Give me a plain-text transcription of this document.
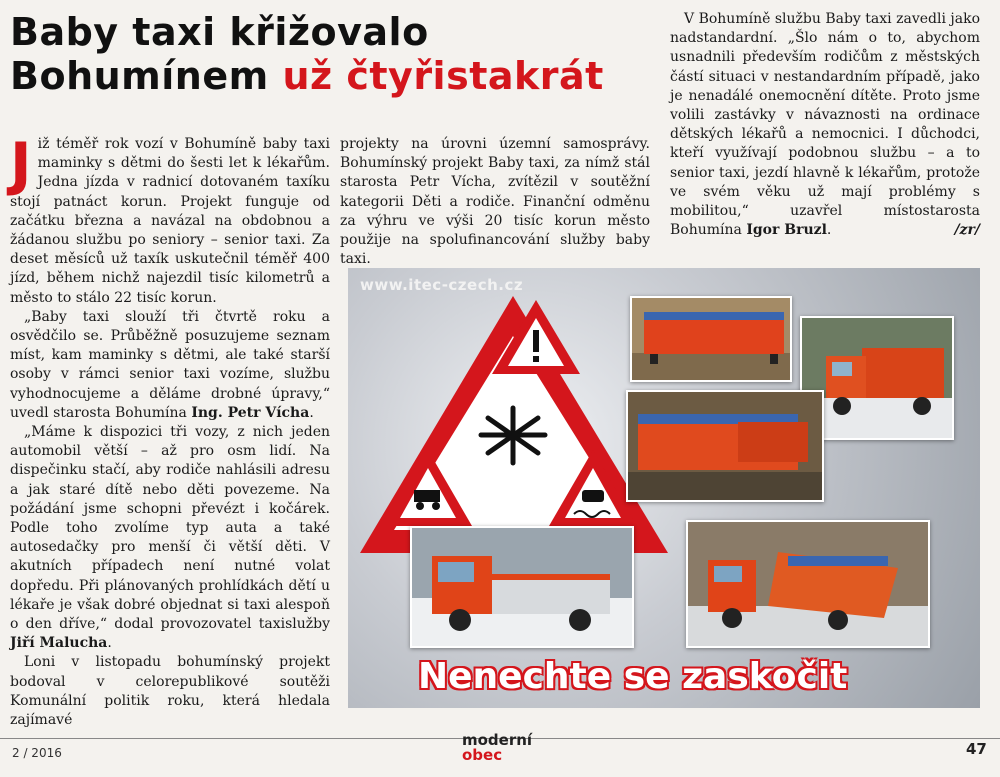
Baby taxi křižovalo
Bohumínem už čtyřistakrát

Již téměř rok vozí v Bohumíně baby taxi maminky s dětmi do šesti let k lékařům. Jedna jízda v radnicí dotovaném taxíku stojí patnáct korun. Projekt funguje od začátku března a navázal na obdobnou a žádanou službu po seniory – senior taxi. Za deset měsíců už taxík uskutečnil téměř 400 jízd, během nichž najezdil tisíc kilometrů a město to stálo 22 tisíc korun.

„Baby taxi slouží tři čtvrtě roku a osvědčilo se. Průběžně posuzujeme seznam míst, kam maminky s dětmi, ale také starší osoby v rámci senior taxi vozíme, službu vyhodnocujeme a děláme drobné úpravy,“ uvedl starosta Bohumína Ing. Petr Vícha.

„Máme k dispozici tři vozy, z nich jeden automobil větší – až pro osm lidí. Na dispečinku stačí, aby rodiče nahlásili adresu a jak staré dítě nebo děti povezeme. Na požádání jsme schopni převézt i kočárek. Podle toho zvolíme typ auta a také autosedačky pro menší či větší děti. V akutních případech není nutné volat dopředu. Při plánovaných prohlídkách dětí u lékaře je však dobré objednat si taxi alespoň o den dříve,“ dodal provozovatel taxislužby Jiří Malucha.

Loni v listopadu bohumínský projekt bodoval v celorepublikové soutěži Komunální politik roku, která hledala zajímavé

projekty na úrovni územní samosprávy. Bohumínský projekt Baby taxi, za nímž stál starosta Petr Vícha, zvítězil v soutěžní kategorii Děti a rodiče. Finanční odměnu za výhru ve výši 20 tisíc korun město použije na spolufinancování služby baby taxi.

V Bohumíně službu Baby taxi zavedli jako nadstandardní. „Šlo nám o to, abychom usnadnili především rodičům z městských částí situaci v nestandardním případě, jako je nenadálé onemocnění dítěte. Proto jsme volili zastávky v návaznosti na ordinace dětských lékařů a nemocnici. I důchodci, kteří využívají podobnou službu – a to senior taxi, jezdí hlavně k lékařům, protože ve svém věku už mají problémy s mobilitou,“ uzavřel místostarosta Bohumína Igor Bruzl.	/zr/

www.itec-czech.cz
Nenechte se zaskočit
2 / 2016
moderní
obec	47
